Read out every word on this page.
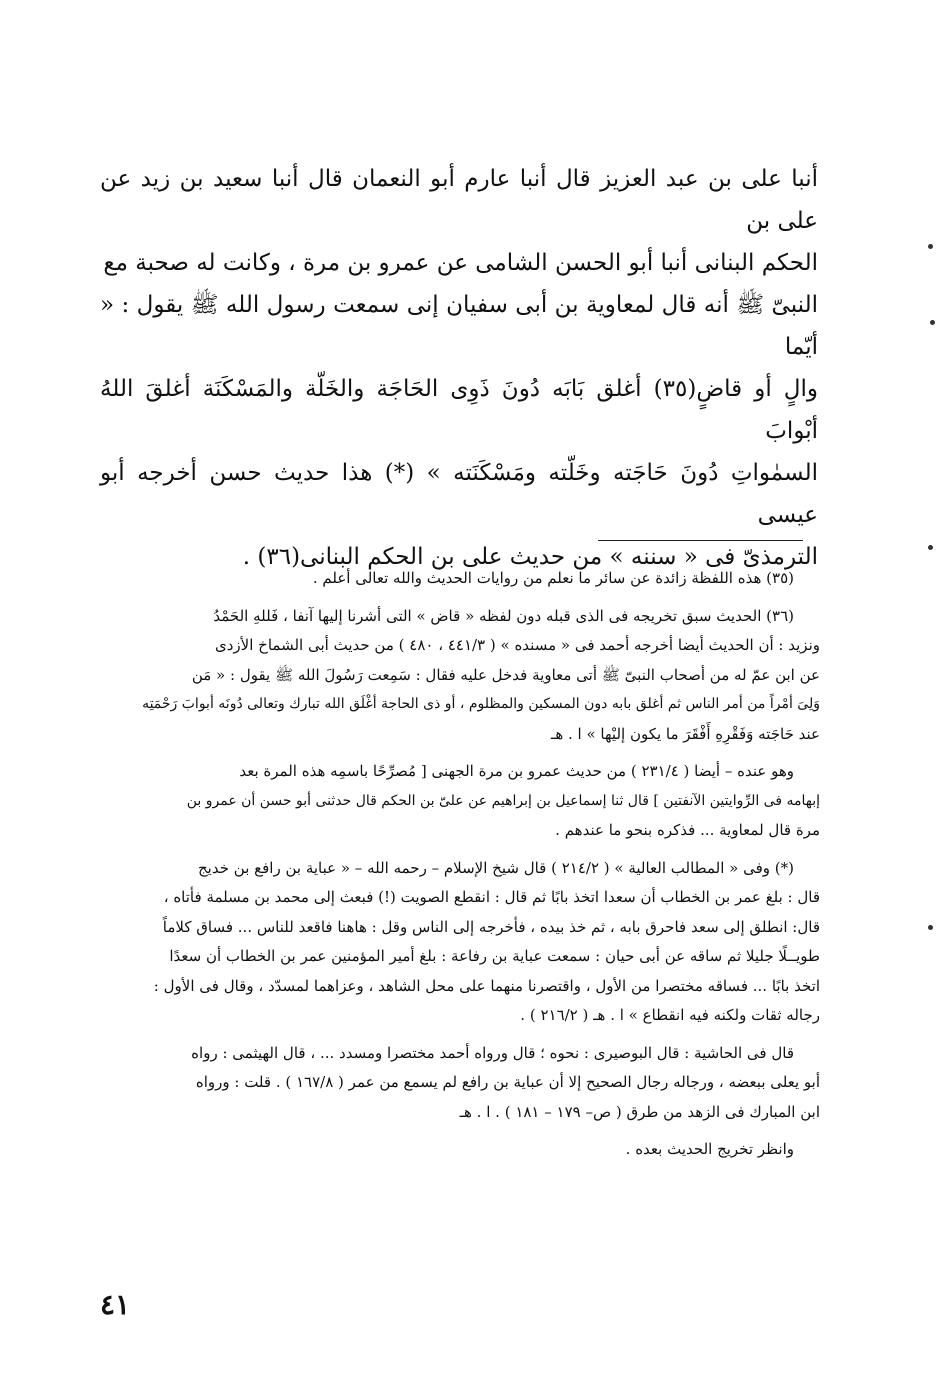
أنبا على بن عبد العزيز قال أنبا عارم أبو النعمان قال أنبا سعيد بن زيد عن على بن

الحكم البنانى أنبا أبو الحسن الشامى عن عمرو بن مرة ، وكانت له صحبة مع

النبىّ ﷺ أنه قال لمعاوية بن أبى سفيان إنى سمعت رسول الله ﷺ يقول : « أيّما

والٍ أو قاضٍ(٣٥) أغلق بَابَه دُونَ ذَوِى الحَاجَة والخَلّة والمَسْكَنَة أغلقَ اللهُ أبْوابَ

السمٰواتِ دُونَ حَاجَته وخَلّته ومَسْكَنَته » (*) هذا حديث حسن أخرجه أبو عيسى

الترمذىّ فى « سننه » من حديث على بن الحكم البنانى(٣٦) .

(٣٥) هذه اللفظة زائدة عن سائر ما نعلم من روايات الحديث والله تعالى أعلم .

(٣٦) الحديث سبق تخريجه فى الذى قبله دون لفظه « قاض » التى أشرنا إليها آنفا ، فَللهِ الحَمْدُ

ونزيد : أن الحديث أيضا أخرجه أحمد فى « مسنده » ( ٤٤١/٣ ، ٤٨٠ ) من حديث أبى الشماخ الأزدى

عن ابن عمّ له من أصحاب النبىّ ﷺ أتى معاوية فدخل عليه فقال : سَمِعت رَسُولَ الله ﷺ يقول : « مَن

وَلِىَ أمْراً من أمر الناس ثم أغلق بابه دون المسكين والمظلوم ، أو ذى الحاجة أغْلَق الله تبارك وتعالى دُونَه أبوابَ رَحْمَتِه

عند حَاجَته وَفَقْرِهِ أَفْقَرَ ما يكون إليْها » ا . هـ

وهو عنده – أيضا ( ٢٣١/٤ ) من حديث عمرو بن مرة الجهنى [ مُصرِّحًا باسمِه هذه المرة بعد

إبهامه فى الرِّوايتين الآنفتين ] قال ثنا إسماعيل بن إبراهيم عن علىّ بن الحكم قال حدثنى أبو حسن أن عمرو بن

مرة قال لمعاوية ... فذكره بنحو ما عندهم .

(*) وفى « المطالب العالية » ( ٢١٤/٢ ) قال شيخ الإسلام – رحمه الله – « عباية بن رافع بن خديج

قال : بلغ عمر بن الخطاب أن سعدا اتخذ بابًا ثم قال : انقطع الصويت (!) فبعث إلى محمد بن مسلمة فأتاه ،

قال: انطلق إلى سعد فاحرق بابه ، ثم خذ بيده ، فأخرجه إلى الناس وقل : هاهنا فاقعد للناس ... فساق كلاماً

طويــلًا جليلا ثم ساقه عن أبى حيان : سمعت عباية بن رفاعة : بلغ أمير المؤمنين عمر بن الخطاب أن سعدًا

اتخذ بابًا ... فساقه مختصرا من الأول ، واقتصرنا منهما على محل الشاهد ، وعزاهما لمسدّد ، وقال فى الأول :

رجاله ثقات ولكنه فيه انقطاع » ا . هـ ( ٢١٦/٢ ) .

قال فى الحاشية : قال البوصيرى : نحوه ؛ قال ورواه أحمد مختصرا ومسدد ... ، قال الهيثمى : رواه

أبو يعلى ببعضه ، ورجاله رجال الصحيح إلا أن عباية بن رافع لم يسمع من عمر ( ١٦٧/٨ ) . قلت : ورواه

ابن المبارك فى الزهد من طرق ( ص– ١٧٩ – ١٨١ ) . ا . هـ

وانظر تخريج الحديث بعده .

٤١
